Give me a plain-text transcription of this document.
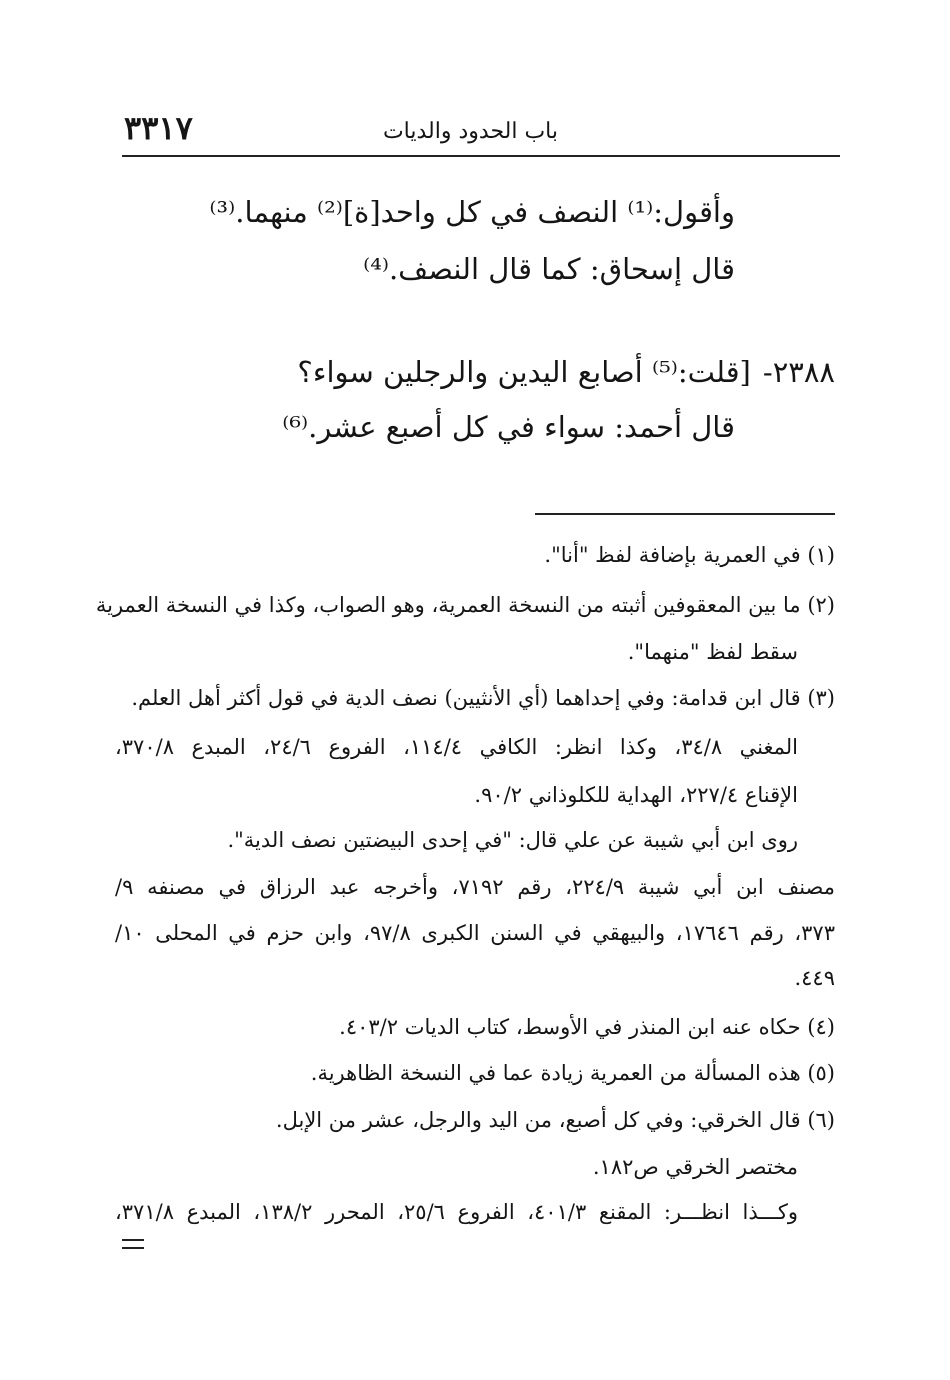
باب الحدود والديات
٣٣١٧
وأقول:⁽¹⁾ النصف في كل واحد[ة]⁽²⁾ منهما.⁽³⁾
قال إسحاق: كما قال النصف.⁽⁴⁾
٢٣٨٨-[قلت:⁽⁵⁾ أصابع اليدين والرجلين سواء؟
قال أحمد: سواء في كل أصبع عشر.⁽⁶⁾
(١) في العمرية بإضافة لفظ "أنا".
(٢) ما بين المعقوفين أثبته من النسخة العمرية، وهو الصواب، وكذا في النسخة العمرية
سقط لفظ "منهما".
(٣) قال ابن قدامة: وفي إحداهما (أي الأنثيين) نصف الدية في قول أكثر أهل العلم.
المغني ٣٤/٨، وكذا انظر: الكافي ١١٤/٤، الفروع ٢٤/٦، المبدع ٣٧٠/٨،
الإقناع ٢٢٧/٤، الهداية للكلوذاني ٩٠/٢.
روى ابن أبي شيبة عن علي قال: "في إحدى البيضتين نصف الدية".
مصنف ابن أبي شيبة ٢٢٤/٩، رقم ٧١٩٢، وأخرجه عبد الرزاق في مصنفه ٩/
٣٧٣، رقم ١٧٦٤٦، والبيهقي في السنن الكبرى ٩٧/٨، وابن حزم في المحلى ١٠/
٤٤٩.
(٤) حكاه عنه ابن المنذر في الأوسط، كتاب الديات ٤٠٣/٢.
(٥) هذه المسألة من العمرية زيادة عما في النسخة الظاهرية.
(٦) قال الخرقي: وفي كل أصبع، من اليد والرجل، عشر من الإبل.
مختصر الخرقي ص١٨٢.
وكـــذا انظـــر: المقنع ٤٠١/٣، الفروع ٢٥/٦، المحرر ١٣٨/٢، المبدع ٣٧١/٨،
